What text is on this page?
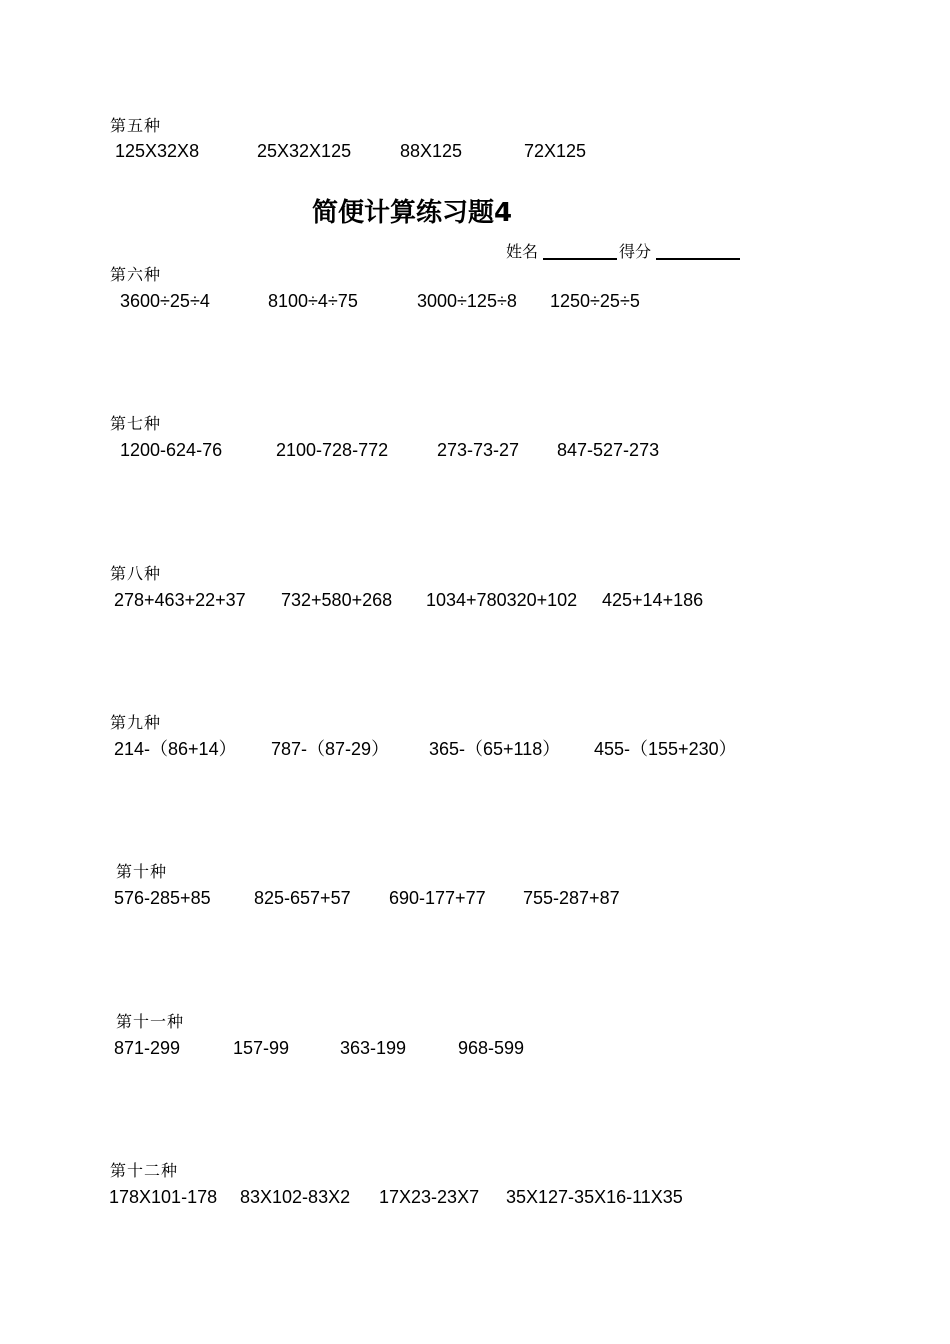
第五种
125X32X8	25X32X125	88X125	72X125
简便计算练习题4
姓名	得分
第六种
3600÷25÷4	8100÷4÷75	3000÷125÷8 1250÷25÷5
第七种
1200-624-76	2100-728-772	273-73-27 847-527-273
第八种
278+463+22+37 732+580+268 1034+780320+102 425+14+186
第九种
214-（86+14） 787-（87-29） 365-（65+118） 455-（155+230）
第十种
576-285+85 825-657+57 690-177+77 755-287+87
第十一种
871-299	157-99	363-199	968-599
第十二种
178X101-178 83X102-83X2 17X23-23X7 35X127-35X16-11X35
